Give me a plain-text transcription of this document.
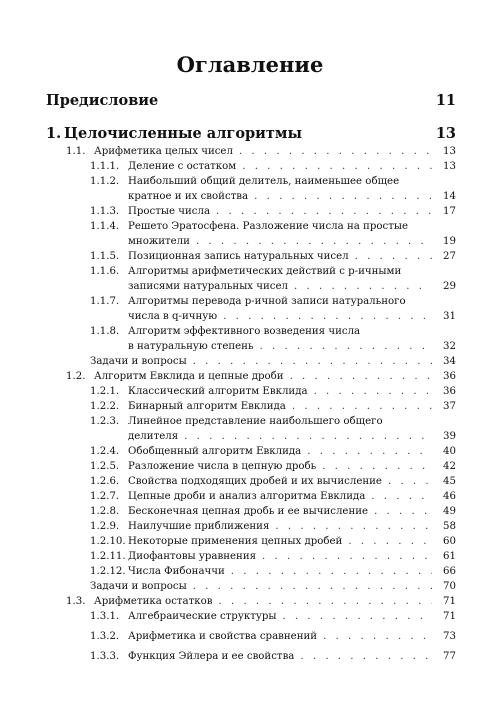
Оглавление
Предисловие	11
1. Целочисленные алгоритмы	13
1.1. Арифметика целых чисел . . .	13
1.1.1. Деление с остатком . . .	13
1.1.2. Наибольший общий делитель, наименьшее общее
кратное и их свойства . . .	14
1.1.3. Простые числа . . .	17
1.1.4. Решето Эратосфена. Разложение числа на простые
множители . . .	19
1.1.5. Позиционная запись натуральных чисел . . .	27
1.1.6. Алгоритмы арифметических действий с p-ичными
записями натуральных чисел . . .	29
1.1.7. Алгоритмы перевода p-ичной записи натурального
числа в q-ичную . . .	31
1.1.8. Алгоритм эффективного возведения числа
в натуральную степень . . .	32
Задачи и вопросы . . .	34
1.2. Алгоритм Евклида и цепные дроби . . .	36
1.2.1. Классический алгоритм Евклида . . .	36
1.2.2. Бинарный алгоритм Евклида . . .	37
1.2.3. Линейное представление наибольшего общего
делителя . . .	39
1.2.4. Обобщенный алгоритм Евклида . . .	40
1.2.5. Разложение числа в цепную дробь . . .	42
1.2.6. Свойства подходящих дробей и их вычисление . . .	45
1.2.7. Цепные дроби и анализ алгоритма Евклида . . .	46
1.2.8. Бесконечная цепная дробь и ее вычисление . . .	49
1.2.9. Наилучшие приближения . . .	58
1.2.10. Некоторые применения цепных дробей . . .	60
1.2.11. Диофантовы уравнения . . .	61
1.2.12. Числа Фибоначчи . . .	66
Задачи и вопросы . . .	70
1.3. Арифметика остатков . . .	71
1.3.1. Алгебраические структуры . . .	71
1.3.2. Арифметика и свойства сравнений . . .	73
1.3.3. Функция Эйлера и ее свойства . . .	77
